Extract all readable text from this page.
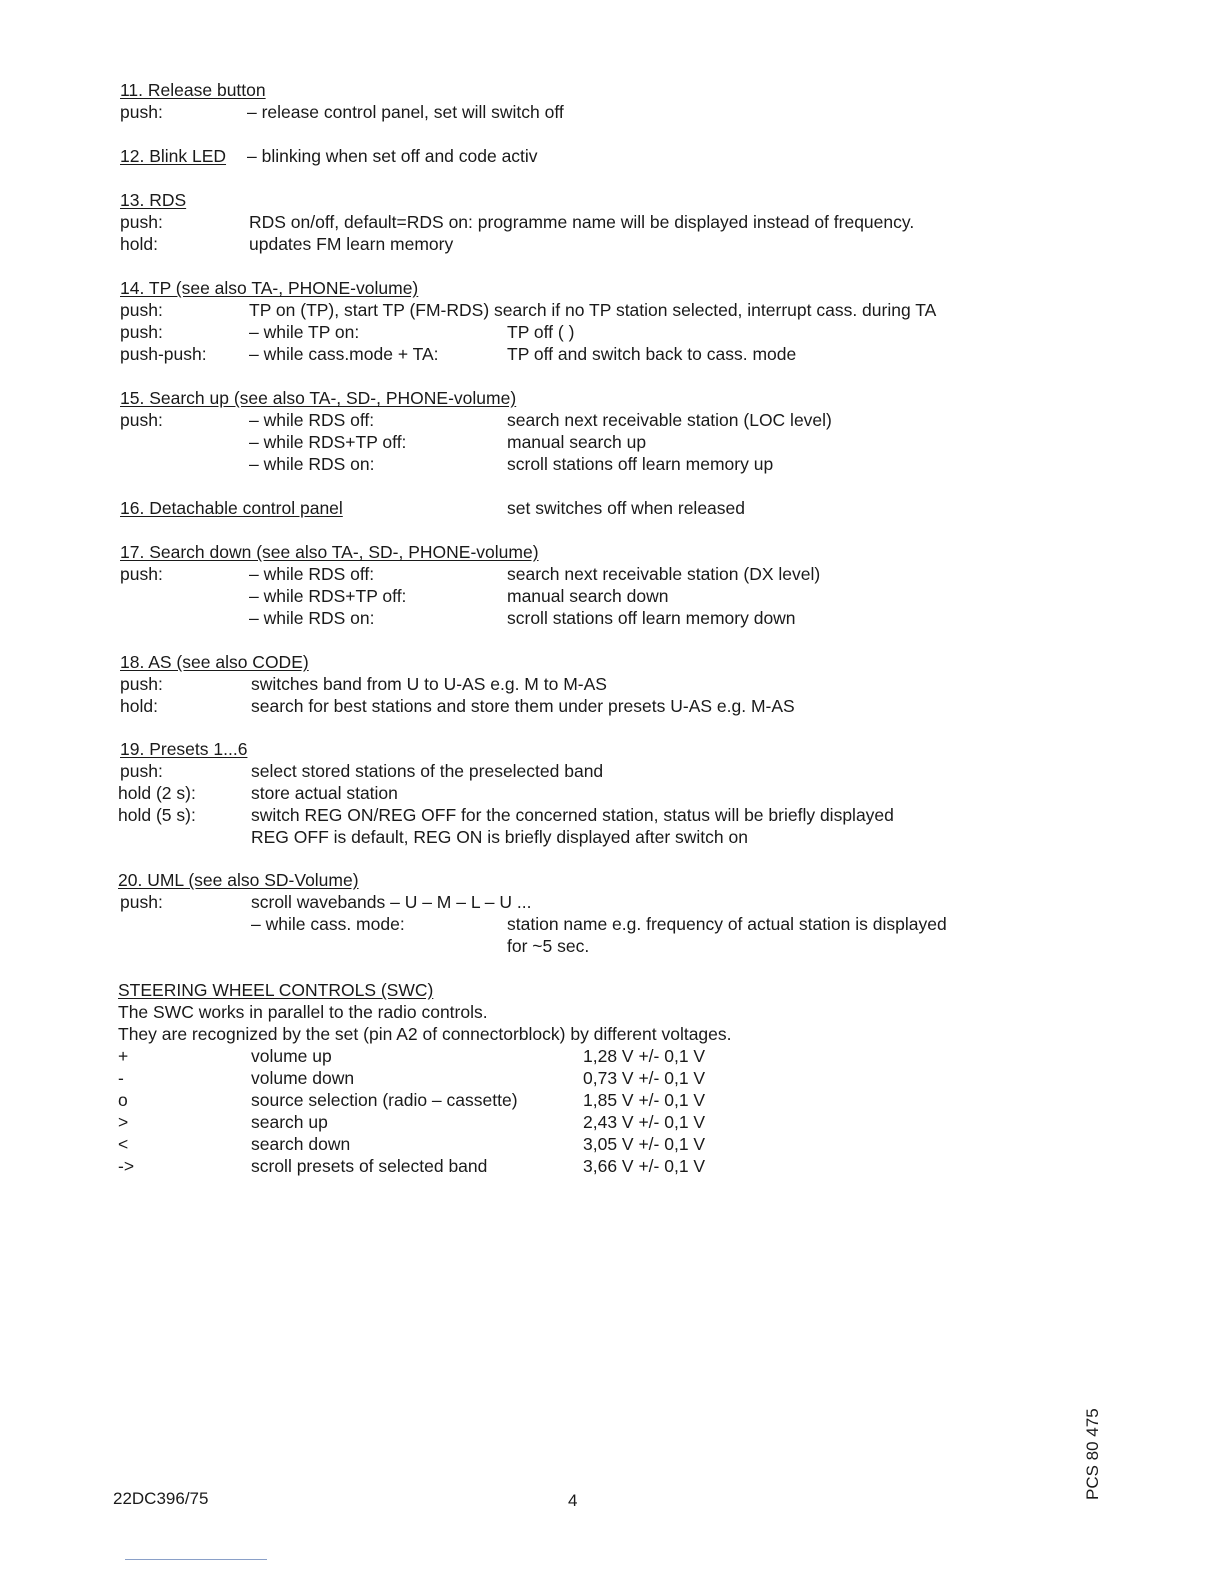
11. Release button
push:	– release control panel, set will switch off
12. Blink LED – blinking when set off and code activ
13. RDS
push:	RDS on/off, default=RDS on: programme name will be displayed instead of frequency.
hold:	updates FM learn memory
14. TP (see also TA-, PHONE-volume)
push:	TP on (TP), start TP (FM-RDS) search if no TP station selected, interrupt cass. during TA
push:	– while TP on:	TP off ( )
push-push: – while cass.mode + TA:	TP off and switch back to cass. mode
15. Search up (see also TA-, SD-, PHONE-volume)
push:	– while RDS off:	search next receivable station (LOC level)
– while RDS+TP off:	manual search up
– while RDS on:	scroll stations off learn memory up
16. Detachable control panel	set switches off when released
17. Search down (see also TA-, SD-, PHONE-volume)
push:	– while RDS off:	search next receivable station (DX level)
– while RDS+TP off:	manual search down
– while RDS on:	scroll stations off learn memory down
18. AS (see also CODE)
push:	switches band from U to U-AS e.g. M to M-AS
hold:	search for best stations and store them under presets U-AS e.g. M-AS
19. Presets 1...6
push:	select stored stations of the preselected band
hold (2 s):	store actual station
hold (5 s):	switch REG ON/REG OFF for the concerned station, status will be briefly displayed
REG OFF is default, REG ON is briefly displayed after switch on
20. UML (see also SD-Volume)
push:	scroll wavebands – U – M – L – U ...
– while cass. mode:	station name e.g. frequency of actual station is displayed
for ~5 sec.
STEERING WHEEL CONTROLS (SWC)
The SWC works in parallel to the radio controls.
They are recognized by the set (pin A2 of connectorblock) by different voltages.
+	volume up	1,28 V +/- 0,1 V
-	volume down	0,73 V +/- 0,1 V
o	source selection (radio – cassette)	1,85 V +/- 0,1 V
>	search up	2,43 V +/- 0,1 V
<	search down	3,05 V +/- 0,1 V
->	scroll presets of selected band	3,66 V +/- 0,1 V
22DC396/75	4
PCS 80 475
